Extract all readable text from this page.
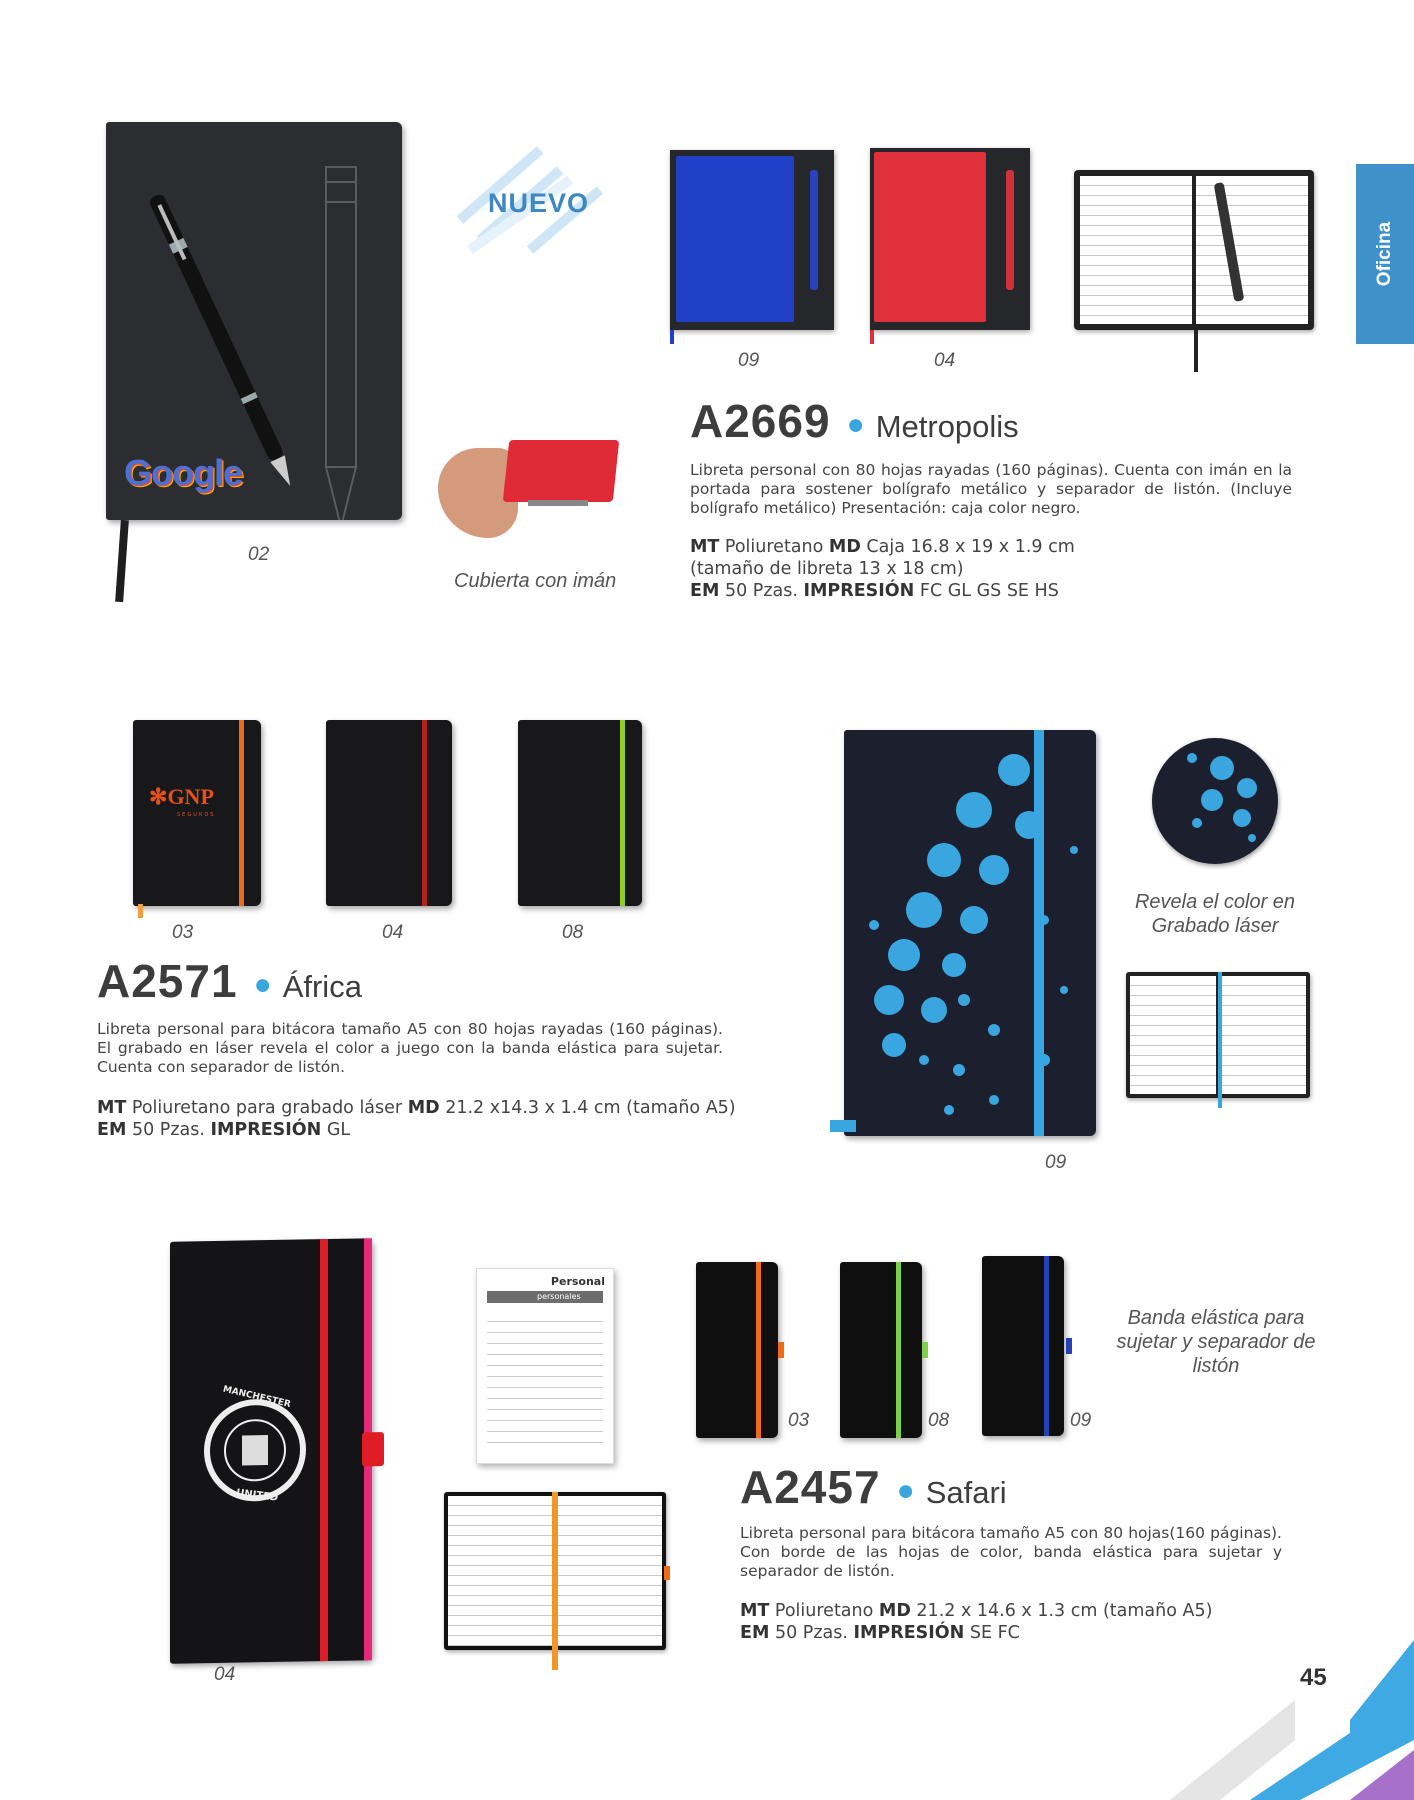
Oficina
Google
02
NUEVO
Cubierta con imán
09	04
A2669 ● Metropolis
Libreta personal con 80 hojas rayadas (160 páginas). Cuenta con imán en la portada para sostener bolígrafo metálico y separador de listón. (Incluye bolígrafo metálico) Presentación: caja color negro.
MT Poliuretano MD Caja 16.8 x 19 x 1.9 cm
(tamaño de libreta 13 x 18 cm)
EM 50 Pzas. IMPRESIÓN FC GL GS SE HS
✻GNP
SEGUROS
03	04	08
A2571 ● África
Libreta personal para bitácora tamaño A5 con 80 hojas rayadas (160 páginas). El grabado en láser revela el color a juego con la banda elástica para sujetar. Cuenta con separador de listón.
MT Poliuretano para grabado láser MD 21.2 x14.3 x 1.4 cm (tamaño A5)
EM 50 Pzas. IMPRESIÓN GL
09
Revela el color en Grabado láser
MANCHESTER
UNITED
04
Personal
personales
03	08	09
Banda elástica para sujetar y separador de listón
A2457 ● Safari
Libreta personal para bitácora tamaño A5 con 80 hojas(160 páginas). Con borde de las hojas de color, banda elástica para sujetar y separador de listón.
MT Poliuretano MD 21.2 x 14.6 x 1.3 cm (tamaño A5)
EM 50 Pzas. IMPRESIÓN SE FC
45
